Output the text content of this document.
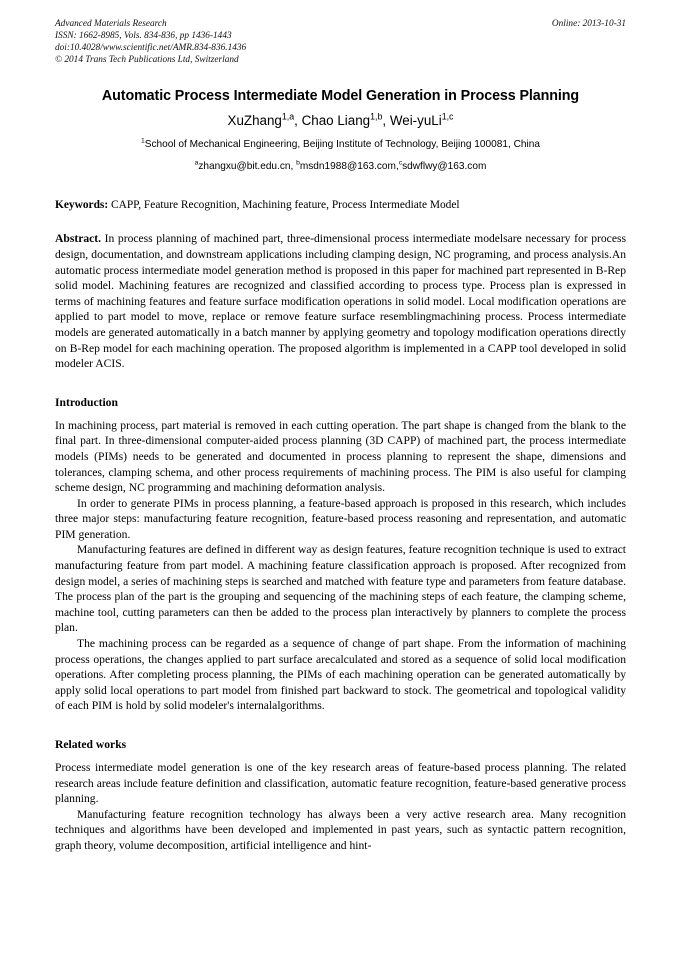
Advanced Materials Research
ISSN: 1662-8985, Vols. 834-836, pp 1436-1443
doi:10.4028/www.scientific.net/AMR.834-836.1436
© 2014 Trans Tech Publications Ltd, Switzerland
Online: 2013-10-31
Automatic Process Intermediate Model Generation in Process Planning
XuZhang$^{1,a}$, Chao Liang$^{1,b}$, Wei-yuLi$^{1,c}$
$^1$School of Mechanical Engineering, Beijing Institute of Technology, Beijing 100081, China
$^a$zhangxu@bit.edu.cn, $^b$msdn1988@163.com,$^c$sdwflwy@163.com
Keywords: CAPP, Feature Recognition, Machining feature, Process Intermediate Model
Abstract. In process planning of machined part, three-dimensional process intermediate modelsare necessary for process design, documentation, and downstream applications including clamping design, NC programing, and process analysis.An automatic process intermediate model generation method is proposed in this paper for machined part represented in B-Rep solid model. Machining features are recognized and classified according to process type. Process plan is expressed in terms of machining features and feature surface modification operations in solid model. Local modification operations are applied to part model to move, replace or remove feature surface resemblingmachining process. Process intermediate models are generated automatically in a batch manner by applying geometry and topology modification operations directly on B-Rep model for each machining operation. The proposed algorithm is implemented in a CAPP tool developed in solid modeler ACIS.
Introduction

In machining process, part material is removed in each cutting operation. The part shape is changed from the blank to the final part. In three-dimensional computer-aided process planning (3D CAPP) of machined part, the process intermediate models (PIMs) needs to be generated and documented in process planning to represent the shape, dimensions and tolerances, clamping schema, and other process requirements of machining process. The PIM is also useful for clamping scheme design, NC programming and machining deformation analysis.

In order to generate PIMs in process planning, a feature-based approach is proposed in this research, which includes three major steps: manufacturing feature recognition, feature-based process reasoning and representation, and automatic PIM generation.

Manufacturing features are defined in different way as design features, feature recognition technique is used to extract manufacturing feature from part model. A machining feature classification approach is proposed. After recognized from design model, a series of machining steps is searched and matched with feature type and parameters from feature database. The process plan of the part is the grouping and sequencing of the machining steps of each feature, the clamping scheme, machine tool, cutting parameters can then be added to the process plan interactively by planners to complete the process plan.

The machining process can be regarded as a sequence of change of part shape. From the information of machining process operations, the changes applied to part surface arecalculated and stored as a sequence of solid local modification operations. After completing process planning, the PIMs of each machining operation can be generated automatically by apply solid local operations to part model from finished part backward to stock. The geometrical and topological validity of each PIM is hold by solid modeler's internalalgorithms.

Related works

Process intermediate model generation is one of the key research areas of feature-based process planning. The related research areas include feature definition and classification, automatic feature recognition, feature-based generative process planning.

Manufacturing feature recognition technology has always been a very active research area. Many recognition techniques and algorithms have been developed and implemented in past years, such as syntactic pattern recognition, graph theory, volume decomposition, artificial intelligence and hint-
